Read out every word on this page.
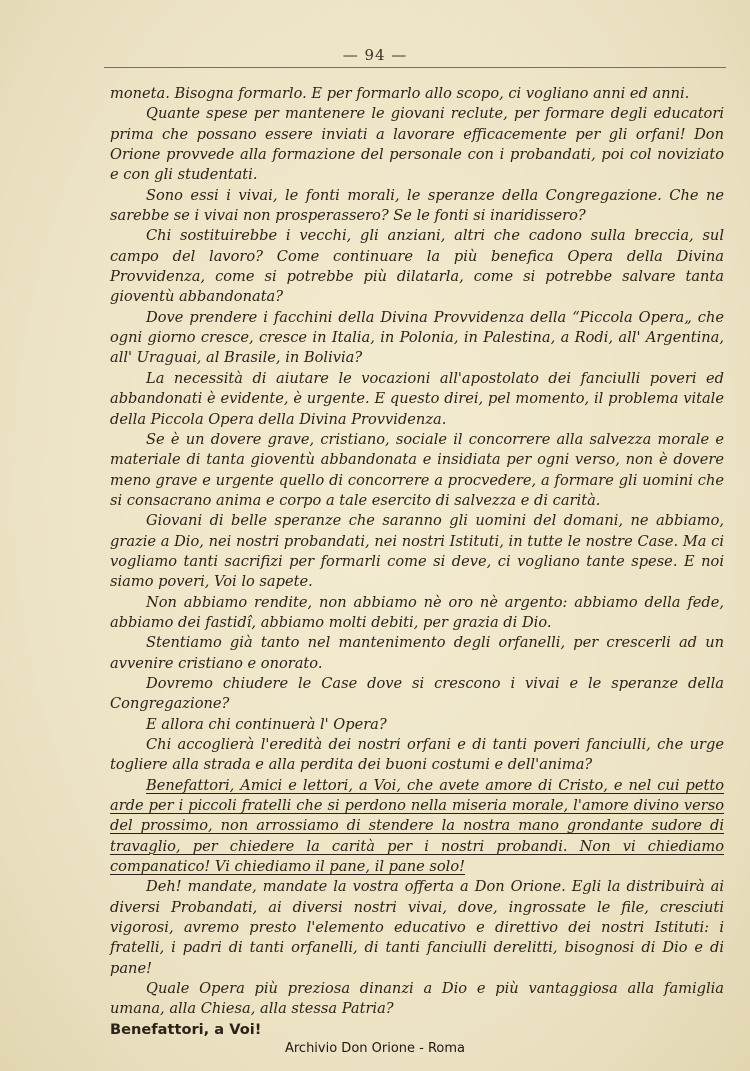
— 94 —

moneta. Bisogna formarlo. E per formarlo allo scopo, ci vogliano anni ed anni.

Quante spese per mantenere le giovani reclute, per formare degli educatori prima che possano essere inviati a lavorare efficacemente per gli orfani! Don Orione provvede alla formazione del personale con i probandati, poi col noviziato e con gli studentati.

Sono essi i vivai, le fonti morali, le speranze della Congregazione. Che ne sarebbe se i vivai non prosperassero? Se le fonti si inaridissero?

Chi sostituirebbe i vecchi, gli anziani, altri che cadono sulla breccia, sul campo del lavoro? Come continuare la più benefica Opera della Divina Provvidenza, come si potrebbe più dilatarla, come si potrebbe salvare tanta gioventù abbandonata?

Dove prendere i facchini della Divina Provvidenza della “Piccola Opera„ che ogni giorno cresce, cresce in Italia, in Polonia, in Palestina, a Rodi, all' Argentina, all' Uraguai, al Brasile, in Bolivia?

La necessità di aiutare le vocazioni all'apostolato dei fanciulli poveri ed abbandonati è evidente, è urgente. E questo direi, pel momento, il problema vitale della Piccola Opera della Divina Provvidenza.

Se è un dovere grave, cristiano, sociale il concorrere alla salvezza morale e materiale di tanta gioventù abbandonata e insidiata per ogni verso, non è dovere meno grave e urgente quello di concorrere a procvedere, a formare gli uomini che si consacrano anima e corpo a tale esercito di salvezza e di carità.

Giovani di belle speranze che saranno gli uomini del domani, ne abbiamo, grazie a Dio, nei nostri probandati, nei nostri Istituti, in tutte le nostre Case. Ma ci vogliamo tanti sacrifizi per formarli come si deve, ci vogliano tante spese. E noi siamo poveri, Voi lo sapete.

Non abbiamo rendite, non abbiamo nè oro nè argento: abbiamo della fede, abbiamo dei fastidî, abbiamo molti debiti, per grazia di Dio.

Stentiamo già tanto nel mantenimento degli orfanelli, per crescerli ad un avvenire cristiano e onorato.

Dovremo chiudere le Case dove si crescono i vivai e le speranze della Congregazione?

E allora chi continuerà l' Opera?

Chi accoglierà l'eredità dei nostri orfani e di tanti poveri fanciulli, che urge togliere alla strada e alla perdita dei buoni costumi e dell'anima?

Benefattori, Amici e lettori, a Voi, che avete amore di Cristo, e nel cui petto arde per i piccoli fratelli che si perdono nella miseria morale, l'amore divino verso del prossimo, non arrossiamo di stendere la nostra mano grondante sudore di travaglio, per chiedere la carità per i nostri probandi. Non vi chiediamo companatico! Vi chiediamo il pane, il pane solo!

Deh! mandate, mandate la vostra offerta a Don Orione. Egli la distribuirà ai diversi Probandati, ai diversi nostri vivai, dove, ingrossate le file, cresciuti vigorosi, avremo presto l'elemento educativo e direttivo dei nostri Istituti: i fratelli, i padri di tanti orfanelli, di tanti fanciulli derelitti, bisognosi di Dio e di pane!

Quale Opera più preziosa dinanzi a Dio e più vantaggiosa alla famiglia umana, alla Chiesa, alla stessa Patria?

Benefattori, a Voi!

Archivio Don Orione - Roma
